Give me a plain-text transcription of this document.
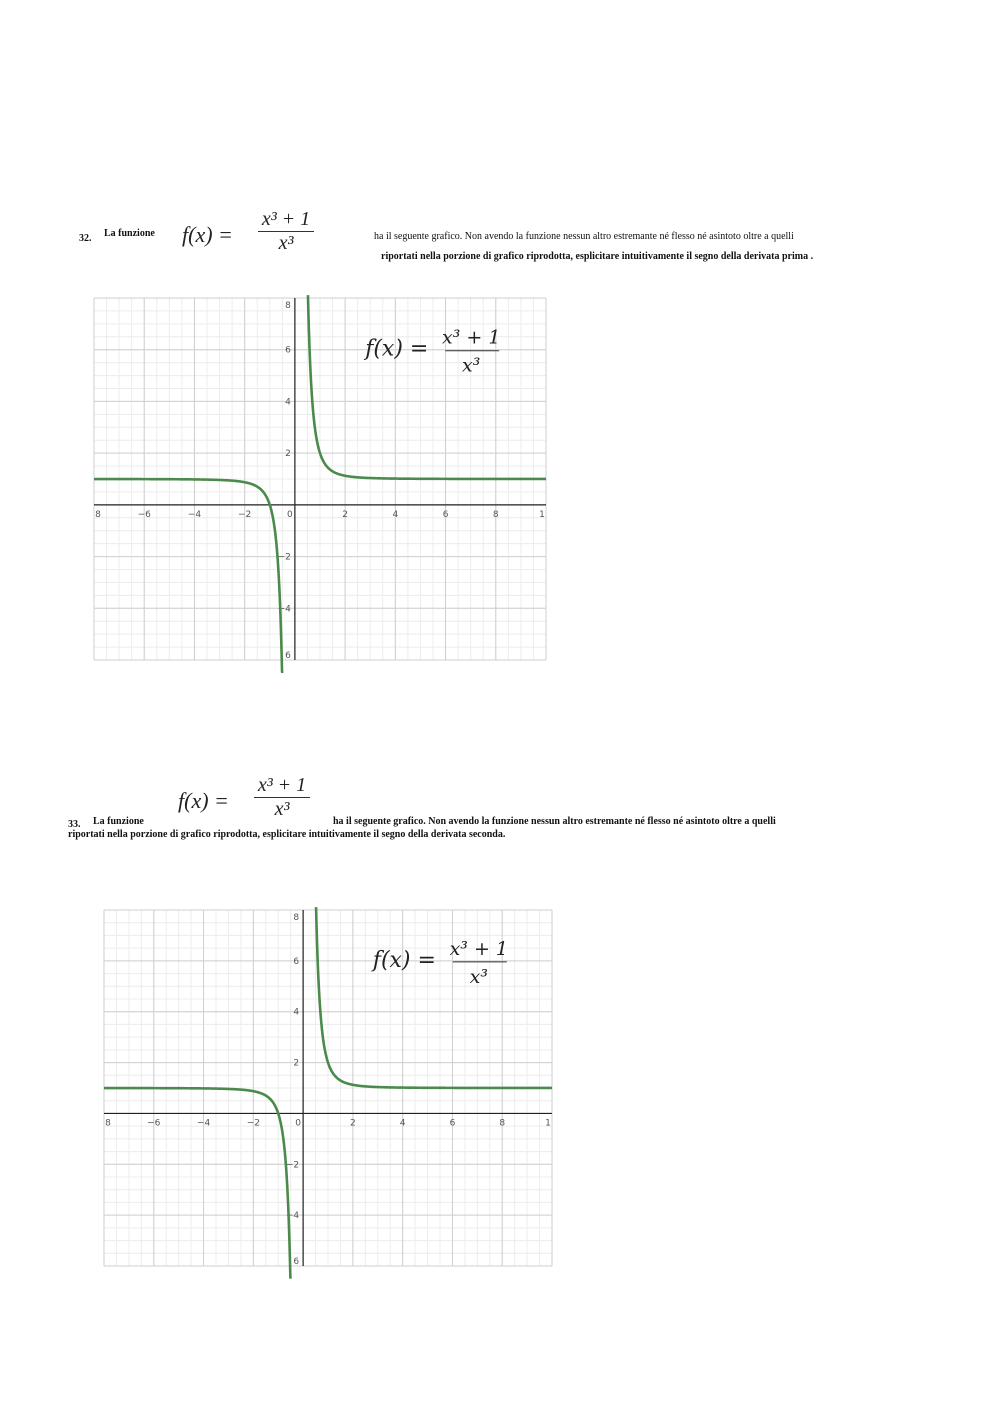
32. La funzione f(x) =
x³ + 1
x³	ha il seguente grafico. Non avendo la funzione nessun altro estremante né flesso né asintoto oltre a quelli
riportati nella porzione di grafico riprodotta, esplicitare intuitivamente il segno della derivata prima .
8	−6	−4	−2	0	2	4	6	8	1
8
6
4
2
−2
−4
6
f(x) = x³ + 1
x³
f(x) =
x³ + 1
x³
33. La funzione	ha il seguente grafico. Non avendo la funzione nessun altro estremante né flesso né asintoto oltre a quelli
riportati nella porzione di grafico riprodotta, esplicitare intuitivamente il segno della derivata seconda.
8	−6	−4	−2	0	2	4	6	8	1
8
6
4
2
−2
−4
6
f(x) = x³ + 1
x³
